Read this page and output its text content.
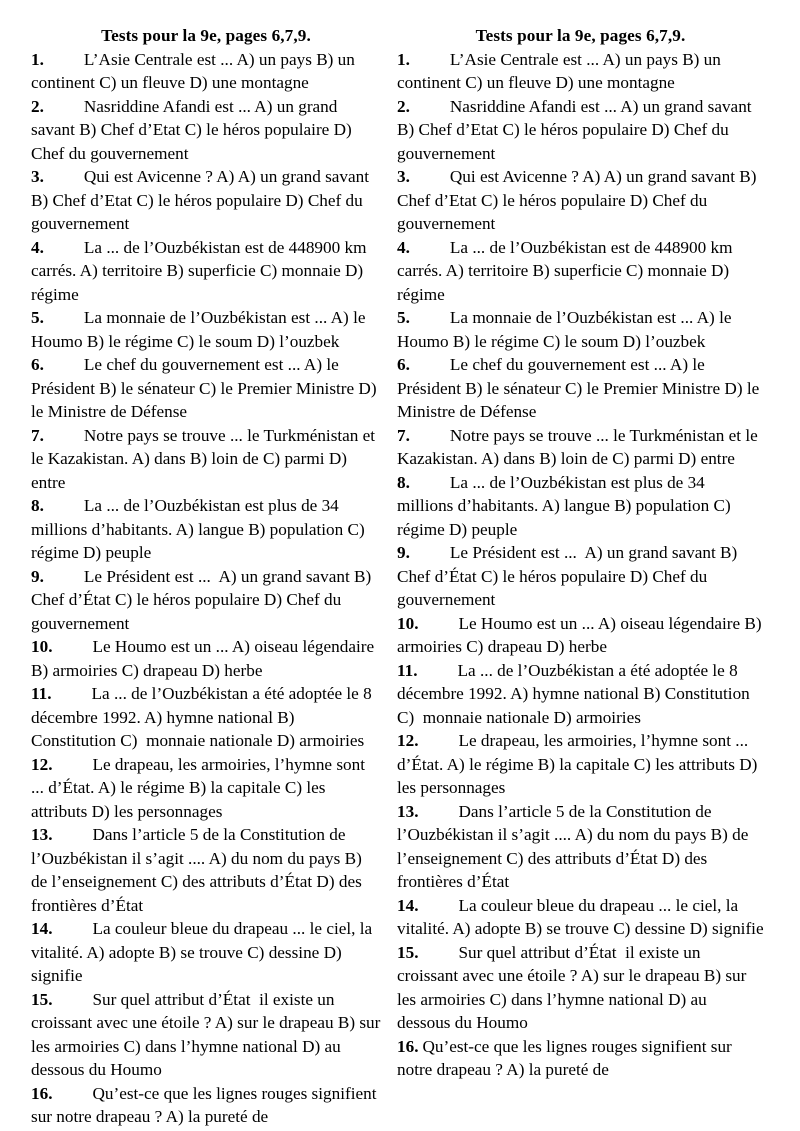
Tests pour la 9e, pages 6,7,9.

1. L’Asie Centrale est ... A) un pays B) un continent C) un fleuve D) une montagne

2. Nasriddine Afandi est ... A) un grand savant B) Chef d’Etat C) le héros populaire D) Chef du gouvernement

3. Qui est Avicenne ? A) A) un grand savant B) Chef d’Etat C) le héros populaire D) Chef du gouvernement

4. La ... de l’Ouzbékistan est de 448900 km carrés. A) territoire B) superficie C) monnaie D) régime

5. La monnaie de l’Ouzbékistan est ... A) le Houmo B) le régime C) le soum D) l’ouzbek

6. Le chef du gouvernement est ... A) le Président B) le sénateur C) le Premier Ministre D) le Ministre de Défense

7. Notre pays se trouve ... le Turkménistan et le Kazakistan. A) dans B) loin de C) parmi D) entre

8. La ... de l’Ouzbékistan est plus de 34 millions d’habitants. A) langue B) population C) régime D) peuple

9. Le Président est ...  A) un grand savant B) Chef d’État C) le héros populaire D) Chef du gouvernement

10. Le Houmo est un ... A) oiseau légendaire B) armoiries C) drapeau D) herbe

11. La ... de l’Ouzbékistan a été adoptée le 8 décembre 1992. A) hymne national B) Constitution C)  monnaie nationale D) armoiries

12. Le drapeau, les armoiries, l’hymne sont ... d’État. A) le régime B) la capitale C) les attributs D) les personnages

13. Dans l’article 5 de la Constitution de l’Ouzbékistan il s’agit .... A) du nom du pays B) de l’enseignement C) des attributs d’État D) des frontières d’État

14. La couleur bleue du drapeau ... le ciel, la vitalité. A) adopte B) se trouve C) dessine D) signifie

15. Sur quel attribut d’État  il existe un croissant avec une étoile ? A) sur le drapeau B) sur les armoiries C) dans l’hymne national D) au dessous du Houmo

16. Qu’est-ce que les lignes rouges signifient sur notre drapeau ? A) la pureté de

Tests pour la 9e, pages 6,7,9.

1. L’Asie Centrale est ... A) un pays B) un continent C) un fleuve D) une montagne

2. Nasriddine Afandi est ... A) un grand savant B) Chef d’Etat C) le héros populaire D) Chef du gouvernement

3. Qui est Avicenne ? A) A) un grand savant B) Chef d’Etat C) le héros populaire D) Chef du gouvernement

4. La ... de l’Ouzbékistan est de 448900 km carrés. A) territoire B) superficie C) monnaie D) régime

5. La monnaie de l’Ouzbékistan est ... A) le Houmo B) le régime C) le soum D) l’ouzbek

6. Le chef du gouvernement est ... A) le Président B) le sénateur C) le Premier Ministre D) le Ministre de Défense

7. Notre pays se trouve ... le Turkménistan et le Kazakistan. A) dans B) loin de C) parmi D) entre

8. La ... de l’Ouzbékistan est plus de 34 millions d’habitants. A) langue B) population C) régime D) peuple

9. Le Président est ...  A) un grand savant B) Chef d’État C) le héros populaire D) Chef du gouvernement

10. Le Houmo est un ... A) oiseau légendaire B) armoiries C) drapeau D) herbe

11. La ... de l’Ouzbékistan a été adoptée le 8 décembre 1992. A) hymne national B) Constitution C)  monnaie nationale D) armoiries

12. Le drapeau, les armoiries, l’hymne sont ... d’État. A) le régime B) la capitale C) les attributs D) les personnages

13. Dans l’article 5 de la Constitution de l’Ouzbékistan il s’agit .... A) du nom du pays B) de l’enseignement C) des attributs d’État D) des frontières d’État

14. La couleur bleue du drapeau ... le ciel, la vitalité. A) adopte B) se trouve C) dessine D) signifie

15. Sur quel attribut d’État  il existe un croissant avec une étoile ? A) sur le drapeau B) sur les armoiries C) dans l’hymne national D) au dessous du Houmo

16. Qu’est-ce que les lignes rouges signifient sur notre drapeau ? A) la pureté de
